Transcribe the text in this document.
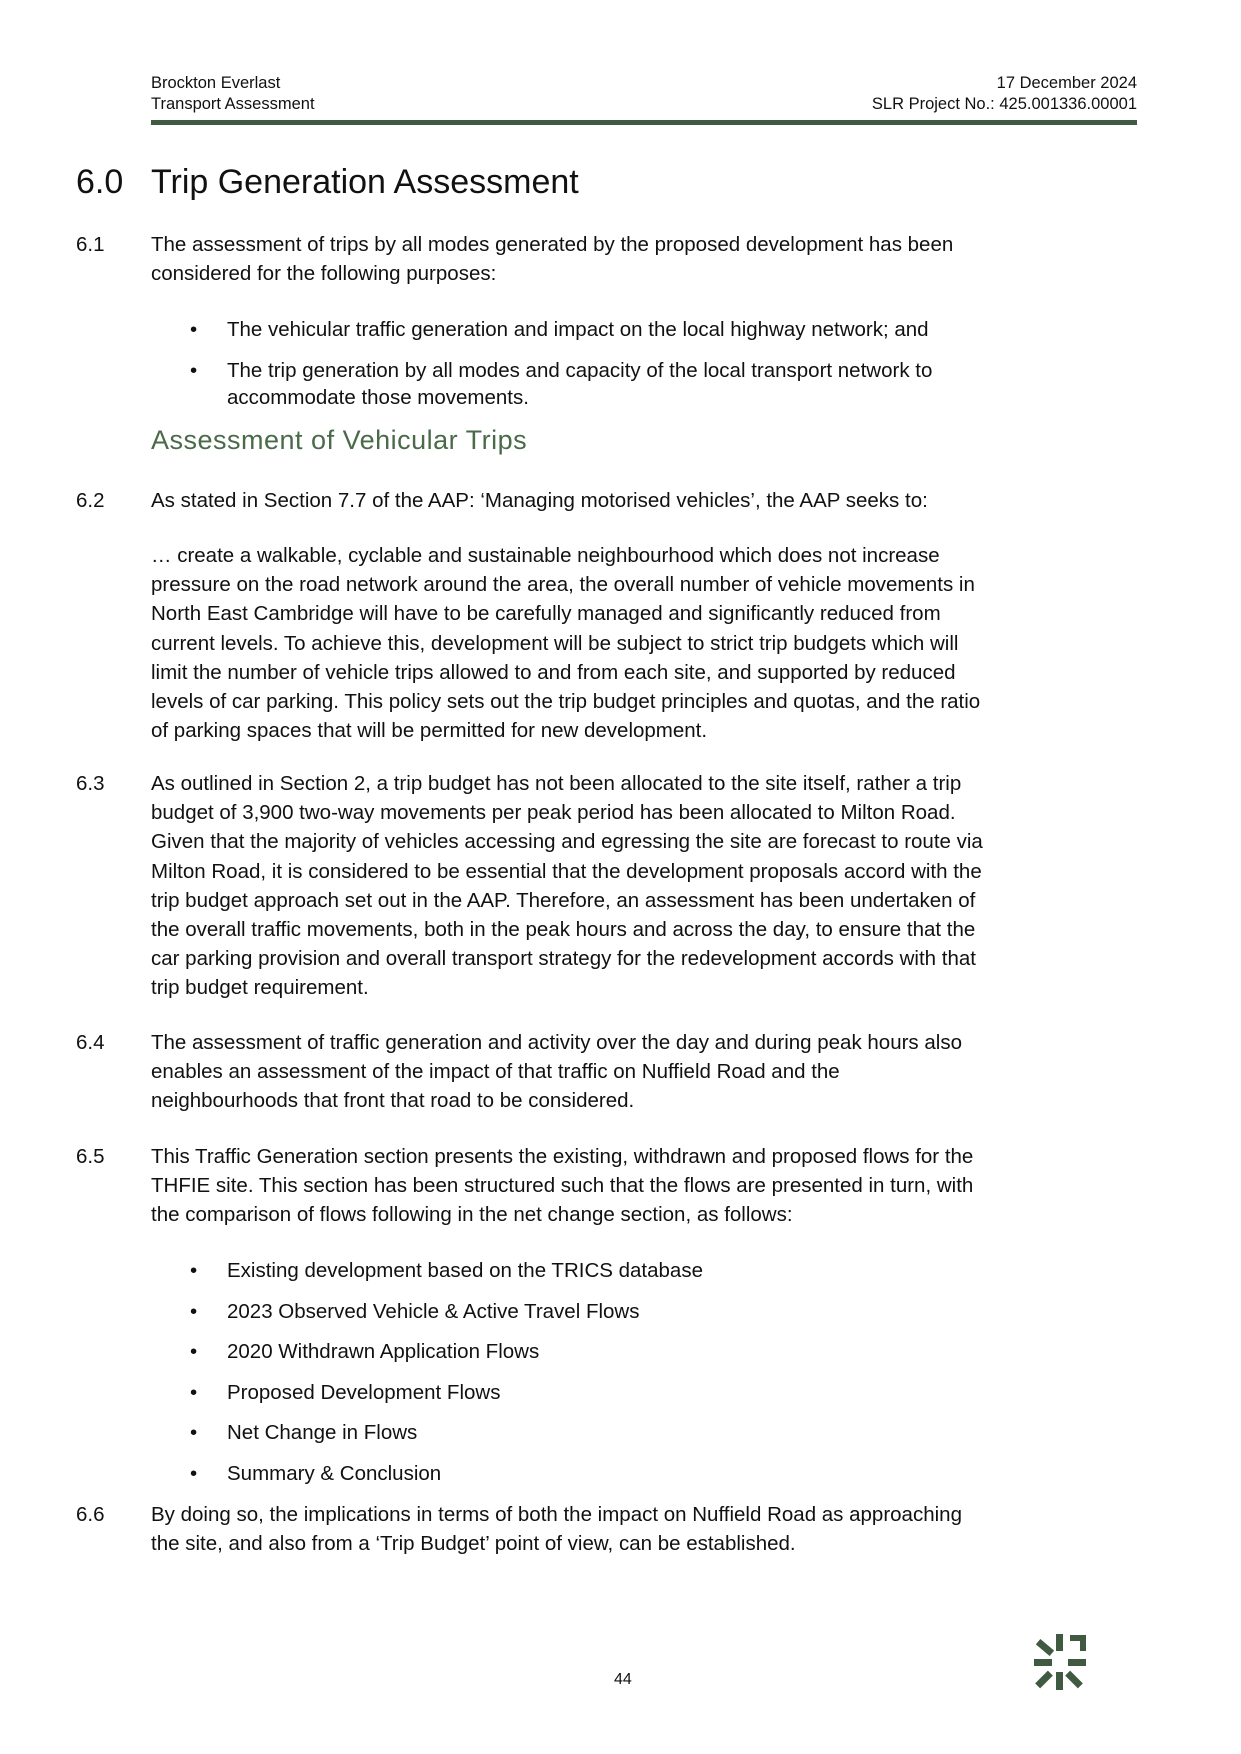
Brockton Everlast
Transport Assessment
17 December 2024
SLR Project No.: 425.001336.00001
6.0 Trip Generation Assessment
6.1 The assessment of trips by all modes generated by the proposed development has been
considered for the following purposes:
• The vehicular traffic generation and impact on the local highway network; and
• The trip generation by all modes and capacity of the local transport network to
accommodate those movements.
Assessment of Vehicular Trips
6.2 As stated in Section 7.7 of the AAP: ‘Managing motorised vehicles’, the AAP seeks to:
… create a walkable, cyclable and sustainable neighbourhood which does not increase
pressure on the road network around the area, the overall number of vehicle movements in
North East Cambridge will have to be carefully managed and significantly reduced from
current levels. To achieve this, development will be subject to strict trip budgets which will
limit the number of vehicle trips allowed to and from each site, and supported by reduced
levels of car parking. This policy sets out the trip budget principles and quotas, and the ratio
of parking spaces that will be permitted for new development.
6.3 As outlined in Section 2, a trip budget has not been allocated to the site itself, rather a trip
budget of 3,900 two-way movements per peak period has been allocated to Milton Road.
Given that the majority of vehicles accessing and egressing the site are forecast to route via
Milton Road, it is considered to be essential that the development proposals accord with the
trip budget approach set out in the AAP. Therefore, an assessment has been undertaken of
the overall traffic movements, both in the peak hours and across the day, to ensure that the
car parking provision and overall transport strategy for the redevelopment accords with that
trip budget requirement.
6.4 The assessment of traffic generation and activity over the day and during peak hours also
enables an assessment of the impact of that traffic on Nuffield Road and the
neighbourhoods that front that road to be considered.
6.5 This Traffic Generation section presents the existing, withdrawn and proposed flows for the
THFIE site. This section has been structured such that the flows are presented in turn, with
the comparison of flows following in the net change section, as follows:
• Existing development based on the TRICS database
• 2023 Observed Vehicle & Active Travel Flows
• 2020 Withdrawn Application Flows
• Proposed Development Flows
• Net Change in Flows
• Summary & Conclusion
6.6 By doing so, the implications in terms of both the impact on Nuffield Road as approaching
the site, and also from a ‘Trip Budget’ point of view, can be established.
44
